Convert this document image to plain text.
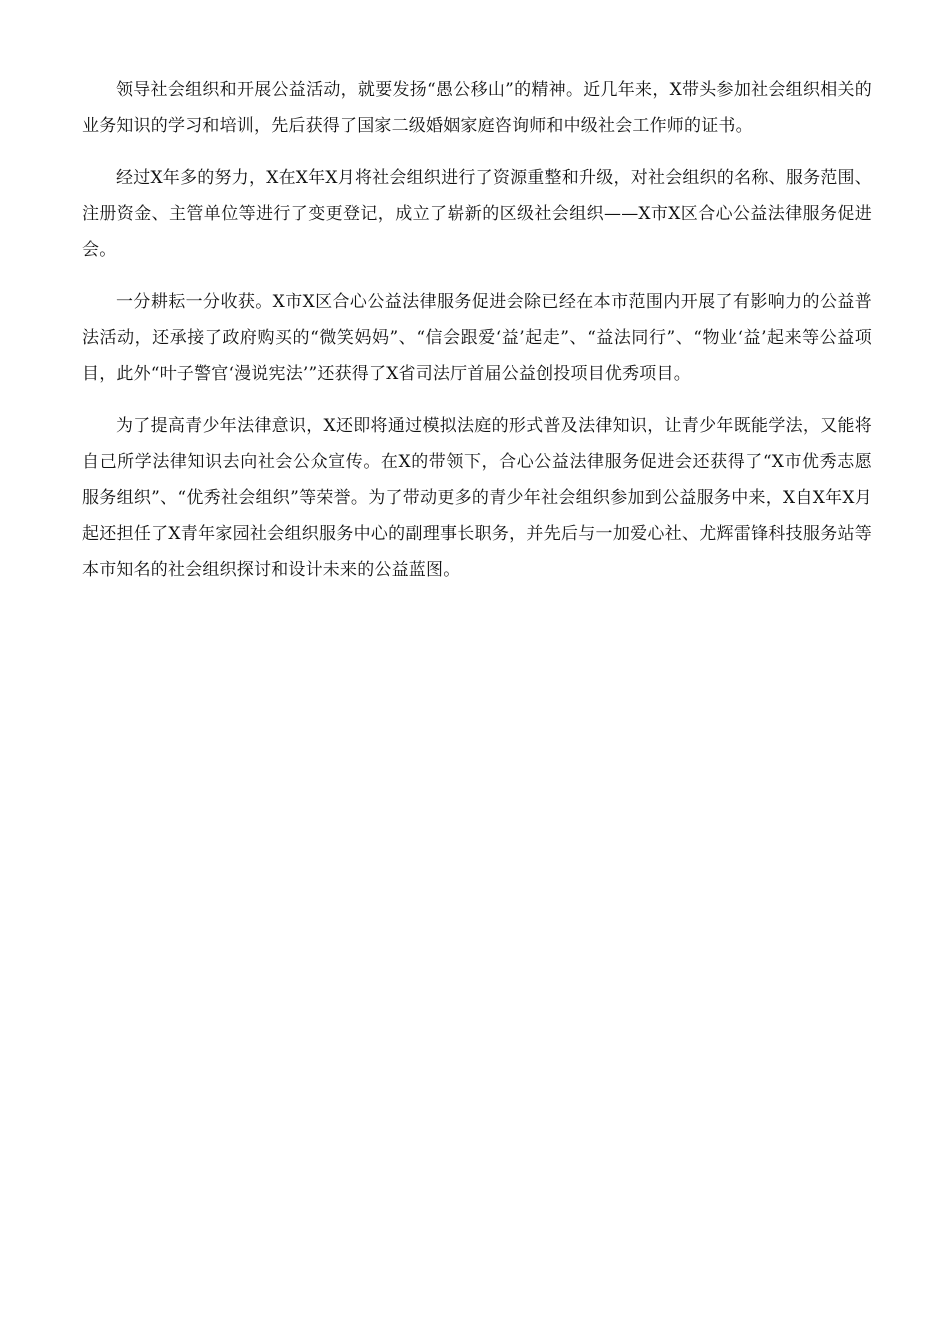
领导社会组织和开展公益活动，就要发扬“愚公移山”的精神。近几年来，X带头参加社会组织相关的业务知识的学习和培训，先后获得了国家二级婚姻家庭咨询师和中级社会工作师的证书。

经过X年多的努力，X在X年X月将社会组织进行了资源重整和升级，对社会组织的名称、服务范围、注册资金、主管单位等进行了变更登记，成立了崭新的区级社会组织——X市X区合心公益法律服务促进会。

一分耕耘一分收获。X市X区合心公益法律服务促进会除已经在本市范围内开展了有影响力的公益普法活动，还承接了政府购买的“微笑妈妈”、“信会跟爱‘益’起走”、“益法同行”、“物业‘益’起来等公益项目，此外“叶子警官‘漫说宪法’”还获得了X省司法厅首届公益创投项目优秀项目。

为了提高青少年法律意识，X还即将通过模拟法庭的形式普及法律知识，让青少年既能学法，又能将自己所学法律知识去向社会公众宣传。在X的带领下，合心公益法律服务促进会还获得了“X市优秀志愿服务组织”、“优秀社会组织”等荣誉。为了带动更多的青少年社会组织参加到公益服务中来，X自X年X月起还担任了X青年家园社会组织服务中心的副理事长职务，并先后与一加爱心社、尤辉雷锋科技服务站等本市知名的社会组织探讨和设计未来的公益蓝图。
